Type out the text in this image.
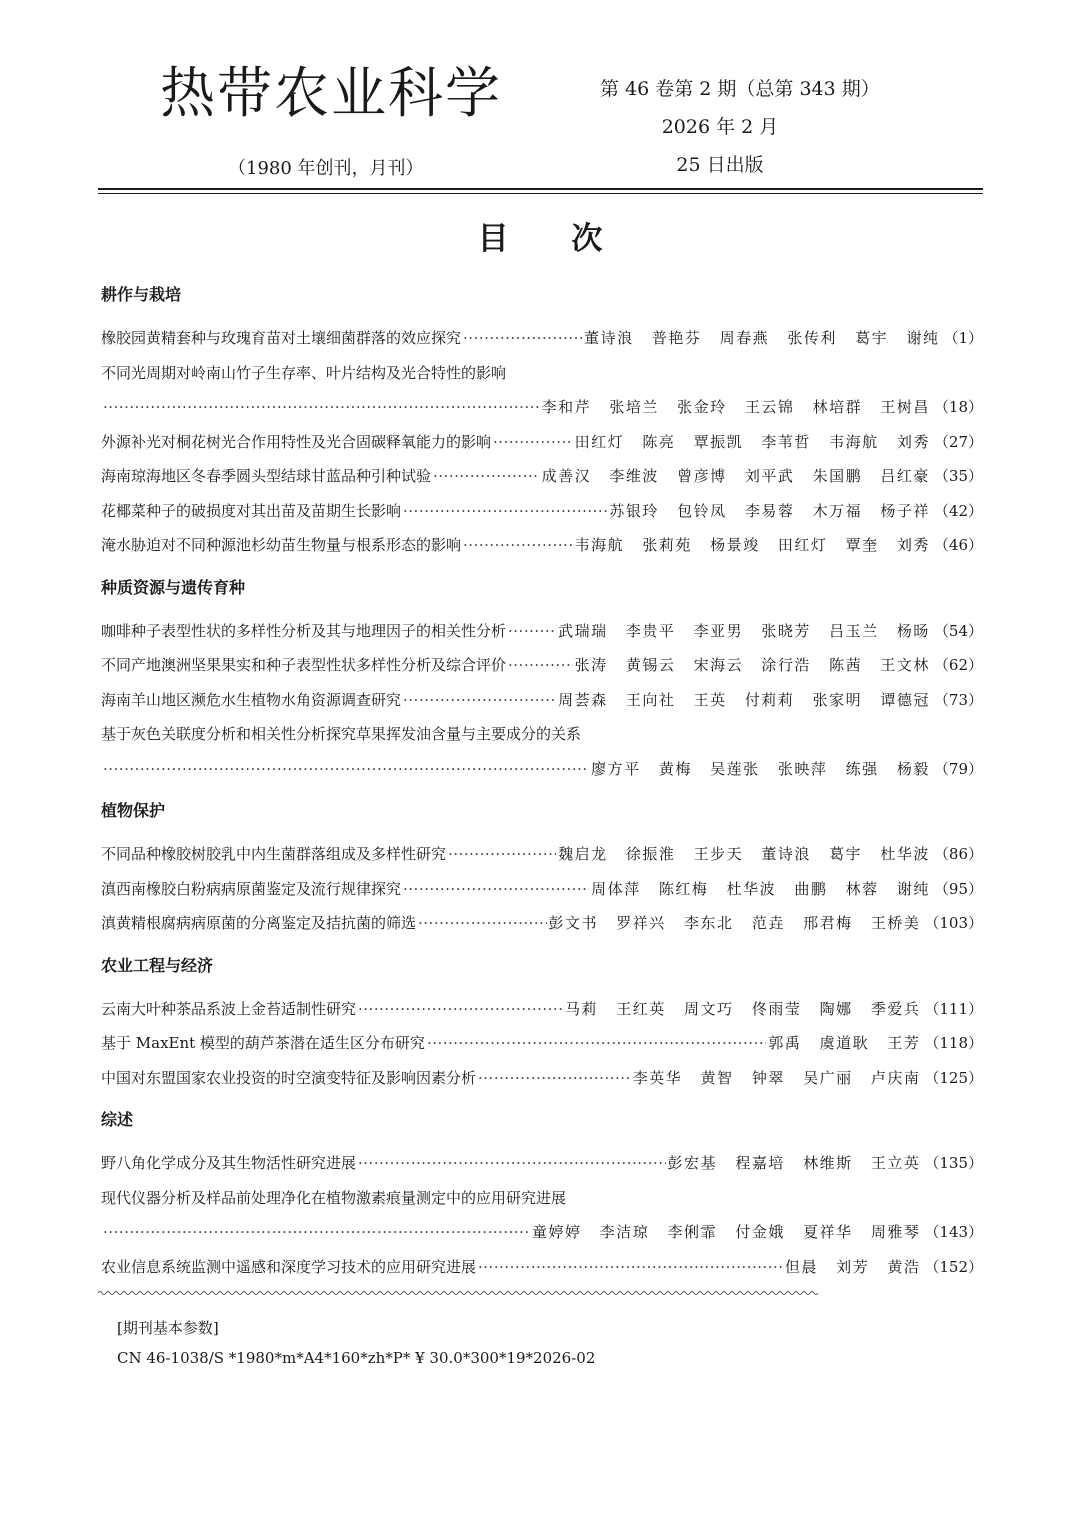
热带农业科学
（1980 年创刊，月刊）
第 46 卷第 2 期（总第 343 期）
2026 年 2 月
25 日出版
目 次
耕作与栽培
橡胶园黄精套种与玫瑰育苗对土壤细菌群落的效应探究 ·····	董诗浪 普艳芬 周春燕 张传利 葛宇 谢纯 （1）
不同光周期对岭南山竹子生存率、叶片结构及光合特性的影响
·····
李和芹 张培兰 张金玲 王云锦 林培群 王树昌 （18）
外源补光对桐花树光合作用特性及光合固碳释氧能力的影响 ·····	田红灯 陈亮 覃振凯 李苇哲 韦海航 刘秀 （27）
海南琼海地区冬春季圆头型结球甘蓝品种引种试验 ·····	成善汉 李维波 曾彦博 刘平武 朱国鹏 吕红豪 （35）
花椰菜种子的破损度对其出苗及苗期生长影响 ·····	苏银玲 包铃凤 李易蓉 木万福 杨子祥 （42）
淹水胁迫对不同种源池杉幼苗生物量与根系形态的影响 ·····	韦海航 张莉苑 杨景竣 田红灯 覃奎 刘秀 （46）
种质资源与遗传育种
咖啡种子表型性状的多样性分析及其与地理因子的相关性分析 ·····	武瑞瑞 李贵平 李亚男 张晓芳 吕玉兰 杨旸 （54）
不同产地澳洲坚果果实和种子表型性状多样性分析及综合评价 ·····	张涛 黄锡云 宋海云 涂行浩 陈茜 王文林 （62）
海南羊山地区濒危水生植物水角资源调查研究 ·····	周荟森 王向社 王英 付莉莉 张家明 谭德冠 （73）
基于灰色关联度分析和相关性分析探究草果挥发油含量与主要成分的关系
·····
廖方平 黄梅 吴莲张 张映萍 练强 杨毅 （79）
植物保护
不同品种橡胶树胶乳中内生菌群落组成及多样性研究 ·····	魏启龙 徐振淮 王步天 董诗浪 葛宇 杜华波 （86）
滇西南橡胶白粉病病原菌鉴定及流行规律探究 ·····	周体萍 陈红梅 杜华波 曲鹏 林蓉 谢纯 （95）
滇黄精根腐病病原菌的分离鉴定及拮抗菌的筛选 ·····	彭文书 罗祥兴 李东北 范垚 邢君梅 王桥美 （103）
农业工程与经济
云南大叶种茶品系波上金苔适制性研究 ·····	马莉 王红英 周文巧 佟雨莹 陶娜 季爱兵 （111）
基于 MaxEnt 模型的葫芦茶潜在适生区分布研究 ·····	郭禹 虞道耿 王芳 （118）
中国对东盟国家农业投资的时空演变特征及影响因素分析 ·····	李英华 黄智 钟翠 吴广丽 卢庆南 （125）
综述
野八角化学成分及其生物活性研究进展 ·····	彭宏基 程嘉培 林维斯 王立英 （135）
现代仪器分析及样品前处理净化在植物激素痕量测定中的应用研究进展
·····
童婷婷 李洁琼 李俐霏 付金娥 夏祥华 周雅琴 （143）
农业信息系统监测中遥感和深度学习技术的应用研究进展 ·····	但晨 刘芳 黄浩 （152）
[期刊基本参数]
CN 46-1038/S *1980*m*A4*160*zh*P* ¥ 30.0*300*19*2026-02
